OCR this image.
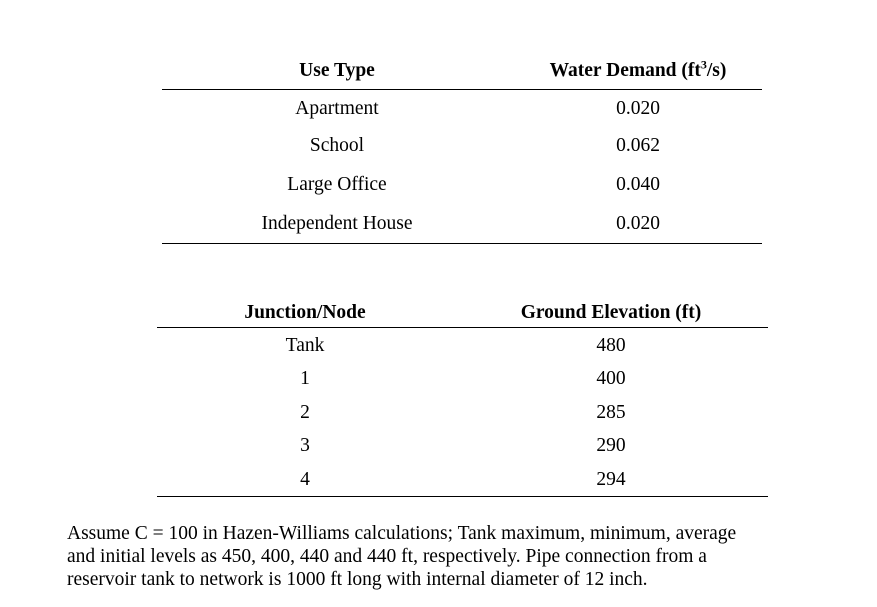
Use Type	Water Demand $(ft^3/s)$
Apartment	0.020
School	0.062
Large Office	0.040
Independent House	0.020
Junction/Node	Ground Elevation (ft)
Tank	480
1	400
2	285
3	290
4	294
Assume C = 100 in Hazen-Williams calculations; Tank maximum, minimum, average
and initial levels as 450, 400, 440 and 440 ft, respectively. Pipe connection from a
reservoir tank to network is 1000 ft long with internal diameter of 12 inch.
